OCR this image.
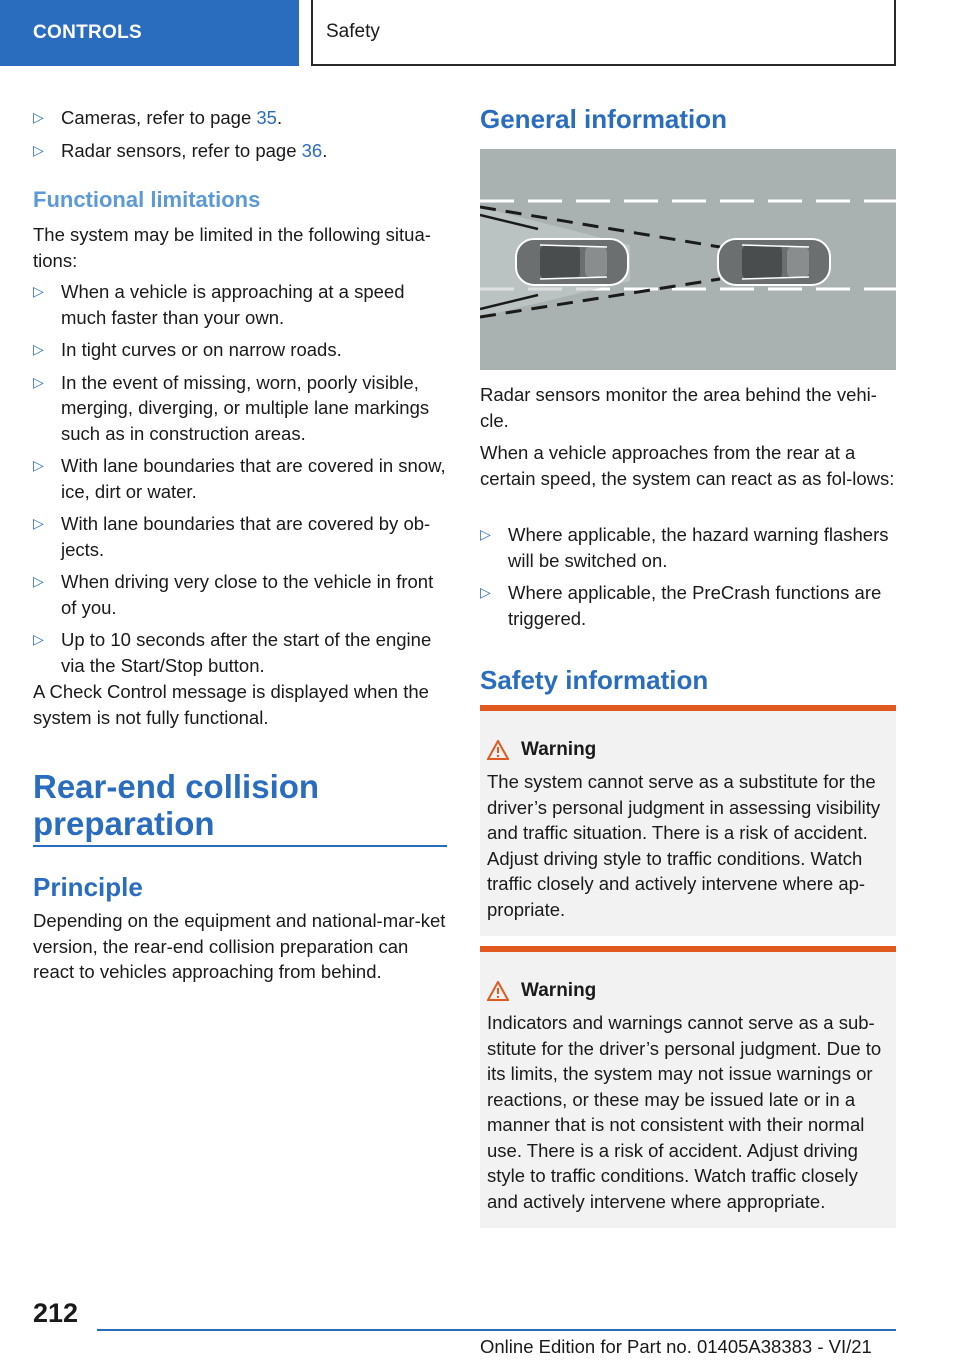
CONTROLS	Safety
▷ Cameras, refer to page 35.
▷ Radar sensors, refer to page 36.
Functional limitations

The system may be limited in the following situa-tions:

▷ When a vehicle is approaching at a speed much faster than your own.
▷ In tight curves or on narrow roads.
▷ In the event of missing, worn, poorly visible, merging, diverging, or multiple lane markings such as in construction areas.
▷ With lane boundaries that are covered in snow, ice, dirt or water.
▷ With lane boundaries that are covered by ob-jects.
▷ When driving very close to the vehicle in front of you.
▷ Up to 10 seconds after the start of the engine via the Start/Stop button.

A Check Control message is displayed when the system is not fully functional.

Rear-end collision preparation
Principle

Depending on the equipment and national-mar-ket version, the rear-end collision preparation can react to vehicles approaching from behind.

General information

Radar sensors monitor the area behind the vehi-cle.

When a vehicle approaches from the rear at a certain speed, the system can react as as fol-lows:

▷ Where applicable, the hazard warning flashers will be switched on.
▷ Where applicable, the PreCrash functions are triggered.
Safety information
Warning

The system cannot serve as a substitute for the driver’s personal judgment in assessing visibility and traffic situation. There is a risk of accident. Adjust driving style to traffic conditions. Watch traffic closely and actively intervene where ap-propriate.

Warning

Indicators and warnings cannot serve as a sub-stitute for the driver’s personal judgment. Due to its limits, the system may not issue warnings or reactions, or these may be issued late or in a manner that is not consistent with their normal use. There is a risk of accident. Adjust driving style to traffic conditions. Watch traffic closely and actively intervene where appropriate.

212
Online Edition for Part no. 01405A38383 - VI/21
